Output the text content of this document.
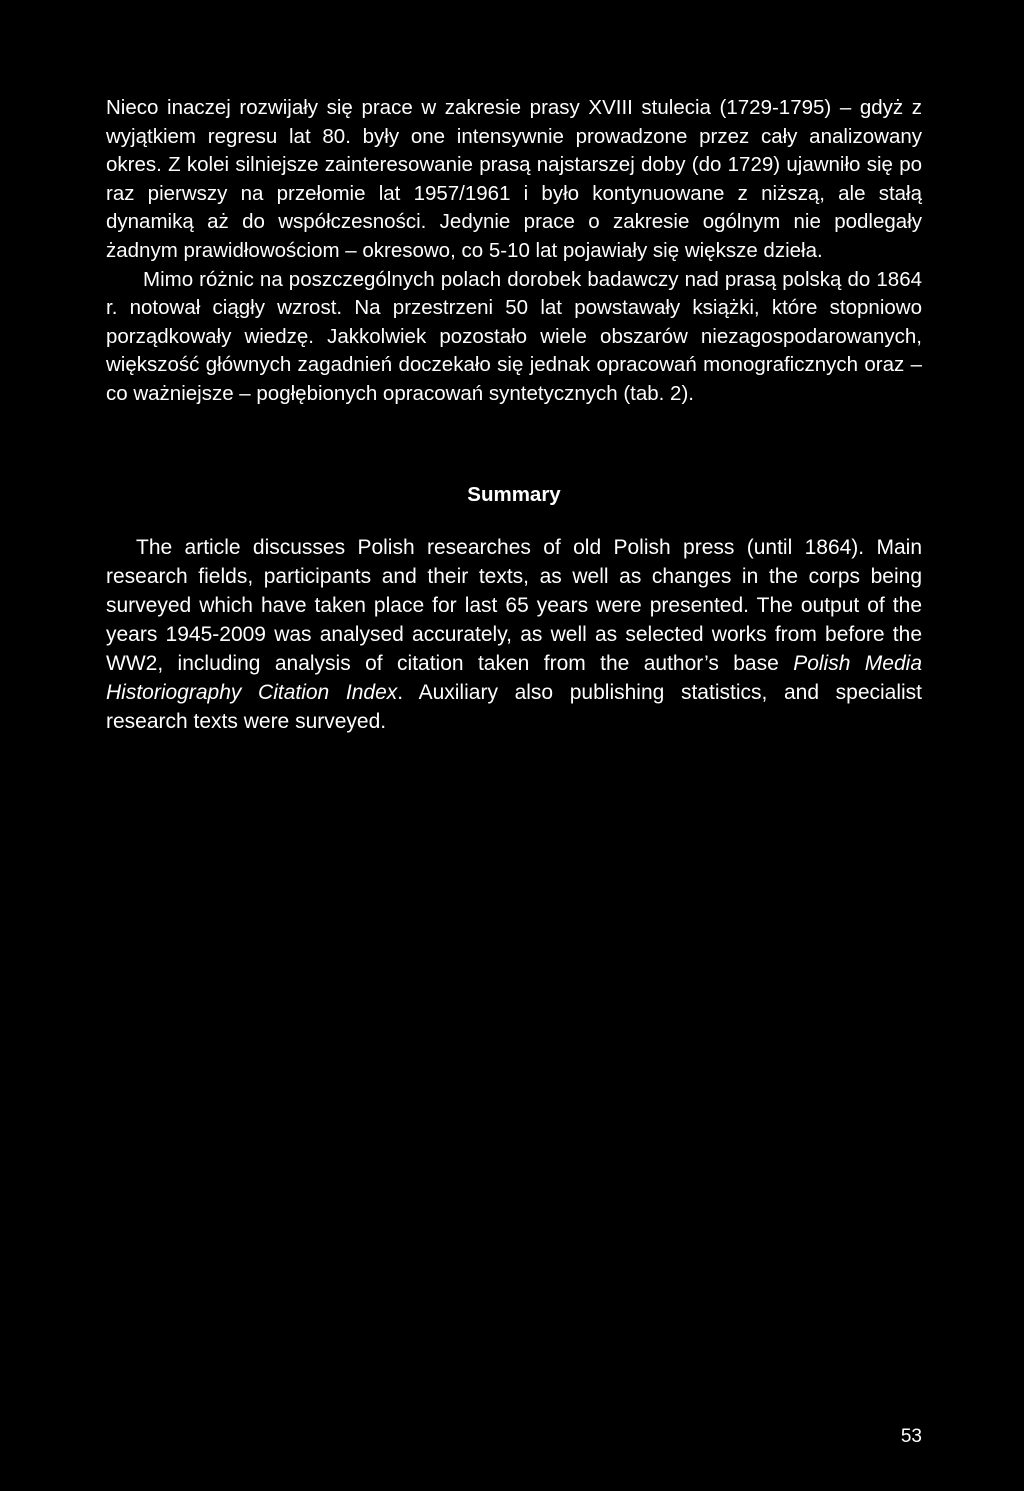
Nieco inaczej rozwijały się prace w zakresie prasy XVIII stulecia (1729-1795) – gdyż z wyjątkiem regresu lat 80. były one intensywnie prowadzone przez cały analizowany okres. Z kolei silniejsze zainteresowanie prasą najstarszej doby (do 1729) ujawniło się po raz pierwszy na przełomie lat 1957/1961 i było kontynuowane z niższą, ale stałą dynamiką aż do współczesności. Jedynie prace o zakresie ogólnym nie podlegały żadnym prawidłowościom – okresowo, co 5-10 lat pojawiały się większe dzieła.

Mimo różnic na poszczególnych polach dorobek badawczy nad prasą polską do 1864 r. notował ciągły wzrost. Na przestrzeni 50 lat powstawały książki, które stopniowo porządkowały wiedzę. Jakkolwiek pozostało wiele obszarów niezagospodarowanych, większość głównych zagadnień doczekało się jednak opracowań monograficznych oraz – co ważniejsze – pogłębionych opracowań syntetycznych (tab. 2).

Summary

The article discusses Polish researches of old Polish press (until 1864). Main research fields, participants and their texts, as well as changes in the corps being surveyed which have taken place for last 65 years were presented. The output of the years 1945-2009 was analysed accurately, as well as selected works from before the WW2, including analysis of citation taken from the author’s base Polish Media Historiography Citation Index. Auxiliary also publishing statistics, and specialist research texts were surveyed.

53
